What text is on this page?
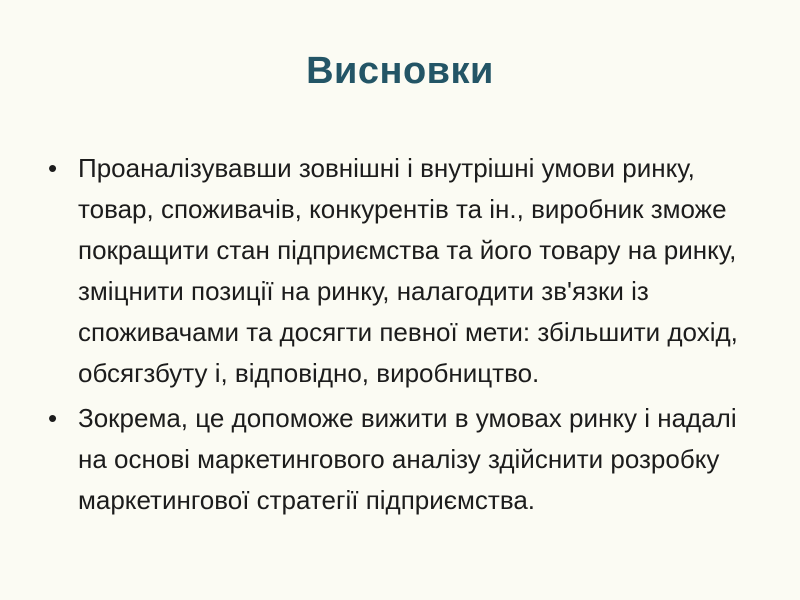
Висновки
• Проаналізувавши зовнішні і внутрішні умови ринку, товар, споживачів, конкурентів та ін., виробник зможе покращити стан підприємства та його товару на ринку, зміцнити позиції на ринку, налагодити зв'язки із споживачами та досягти певної мети: збільшити дохід, обсягзбуту і, відповідно, виробництво.
• Зокрема, це допоможе вижити в умовах ринку і надалі на основі маркетингового аналізу здійснити розробку маркетингової стратегії підприємства.
